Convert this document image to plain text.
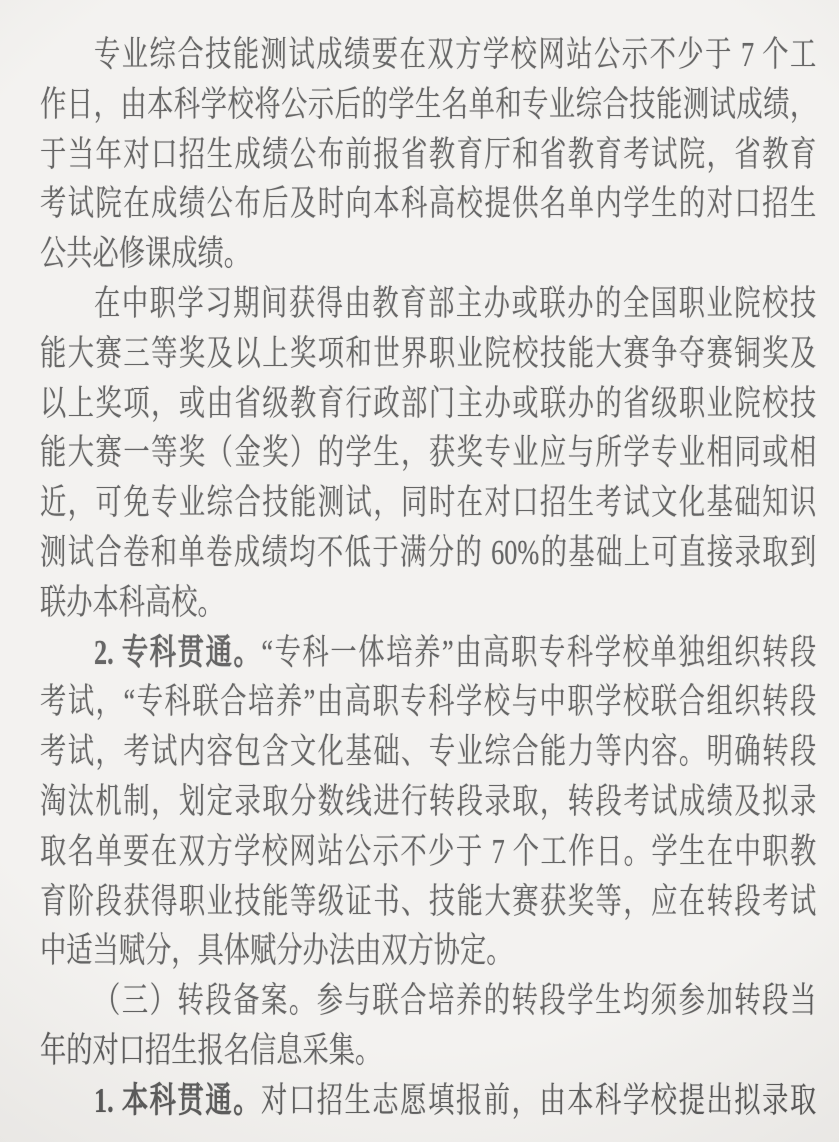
专业综合技能测试成绩要在双方学校网站公示不少于 7 个工
作日，由本科学校将公示后的学生名单和专业综合技能测试成绩，
于当年对口招生成绩公布前报省教育厅和省教育考试院，省教育
考试院在成绩公布后及时向本科高校提供名单内学生的对口招生
公共必修课成绩。
在中职学习期间获得由教育部主办或联办的全国职业院校技
能大赛三等奖及以上奖项和世界职业院校技能大赛争夺赛铜奖及
以上奖项，或由省级教育行政部门主办或联办的省级职业院校技
能大赛一等奖（金奖）的学生，获奖专业应与所学专业相同或相
近，可免专业综合技能测试，同时在对口招生考试文化基础知识
测试合卷和单卷成绩均不低于满分的 60%的基础上可直接录取到
联办本科高校。
2. 专科贯通。“专科一体培养”由高职专科学校单独组织转段
考试，“专科联合培养”由高职专科学校与中职学校联合组织转段
考试，考试内容包含文化基础、专业综合能力等内容。明确转段
淘汰机制，划定录取分数线进行转段录取，转段考试成绩及拟录
取名单要在双方学校网站公示不少于 7 个工作日。学生在中职教
育阶段获得职业技能等级证书、技能大赛获奖等，应在转段考试
中适当赋分，具体赋分办法由双方协定。
（三）转段备案。参与联合培养的转段学生均须参加转段当
年的对口招生报名信息采集。
1. 本科贯通。对口招生志愿填报前，由本科学校提出拟录取
